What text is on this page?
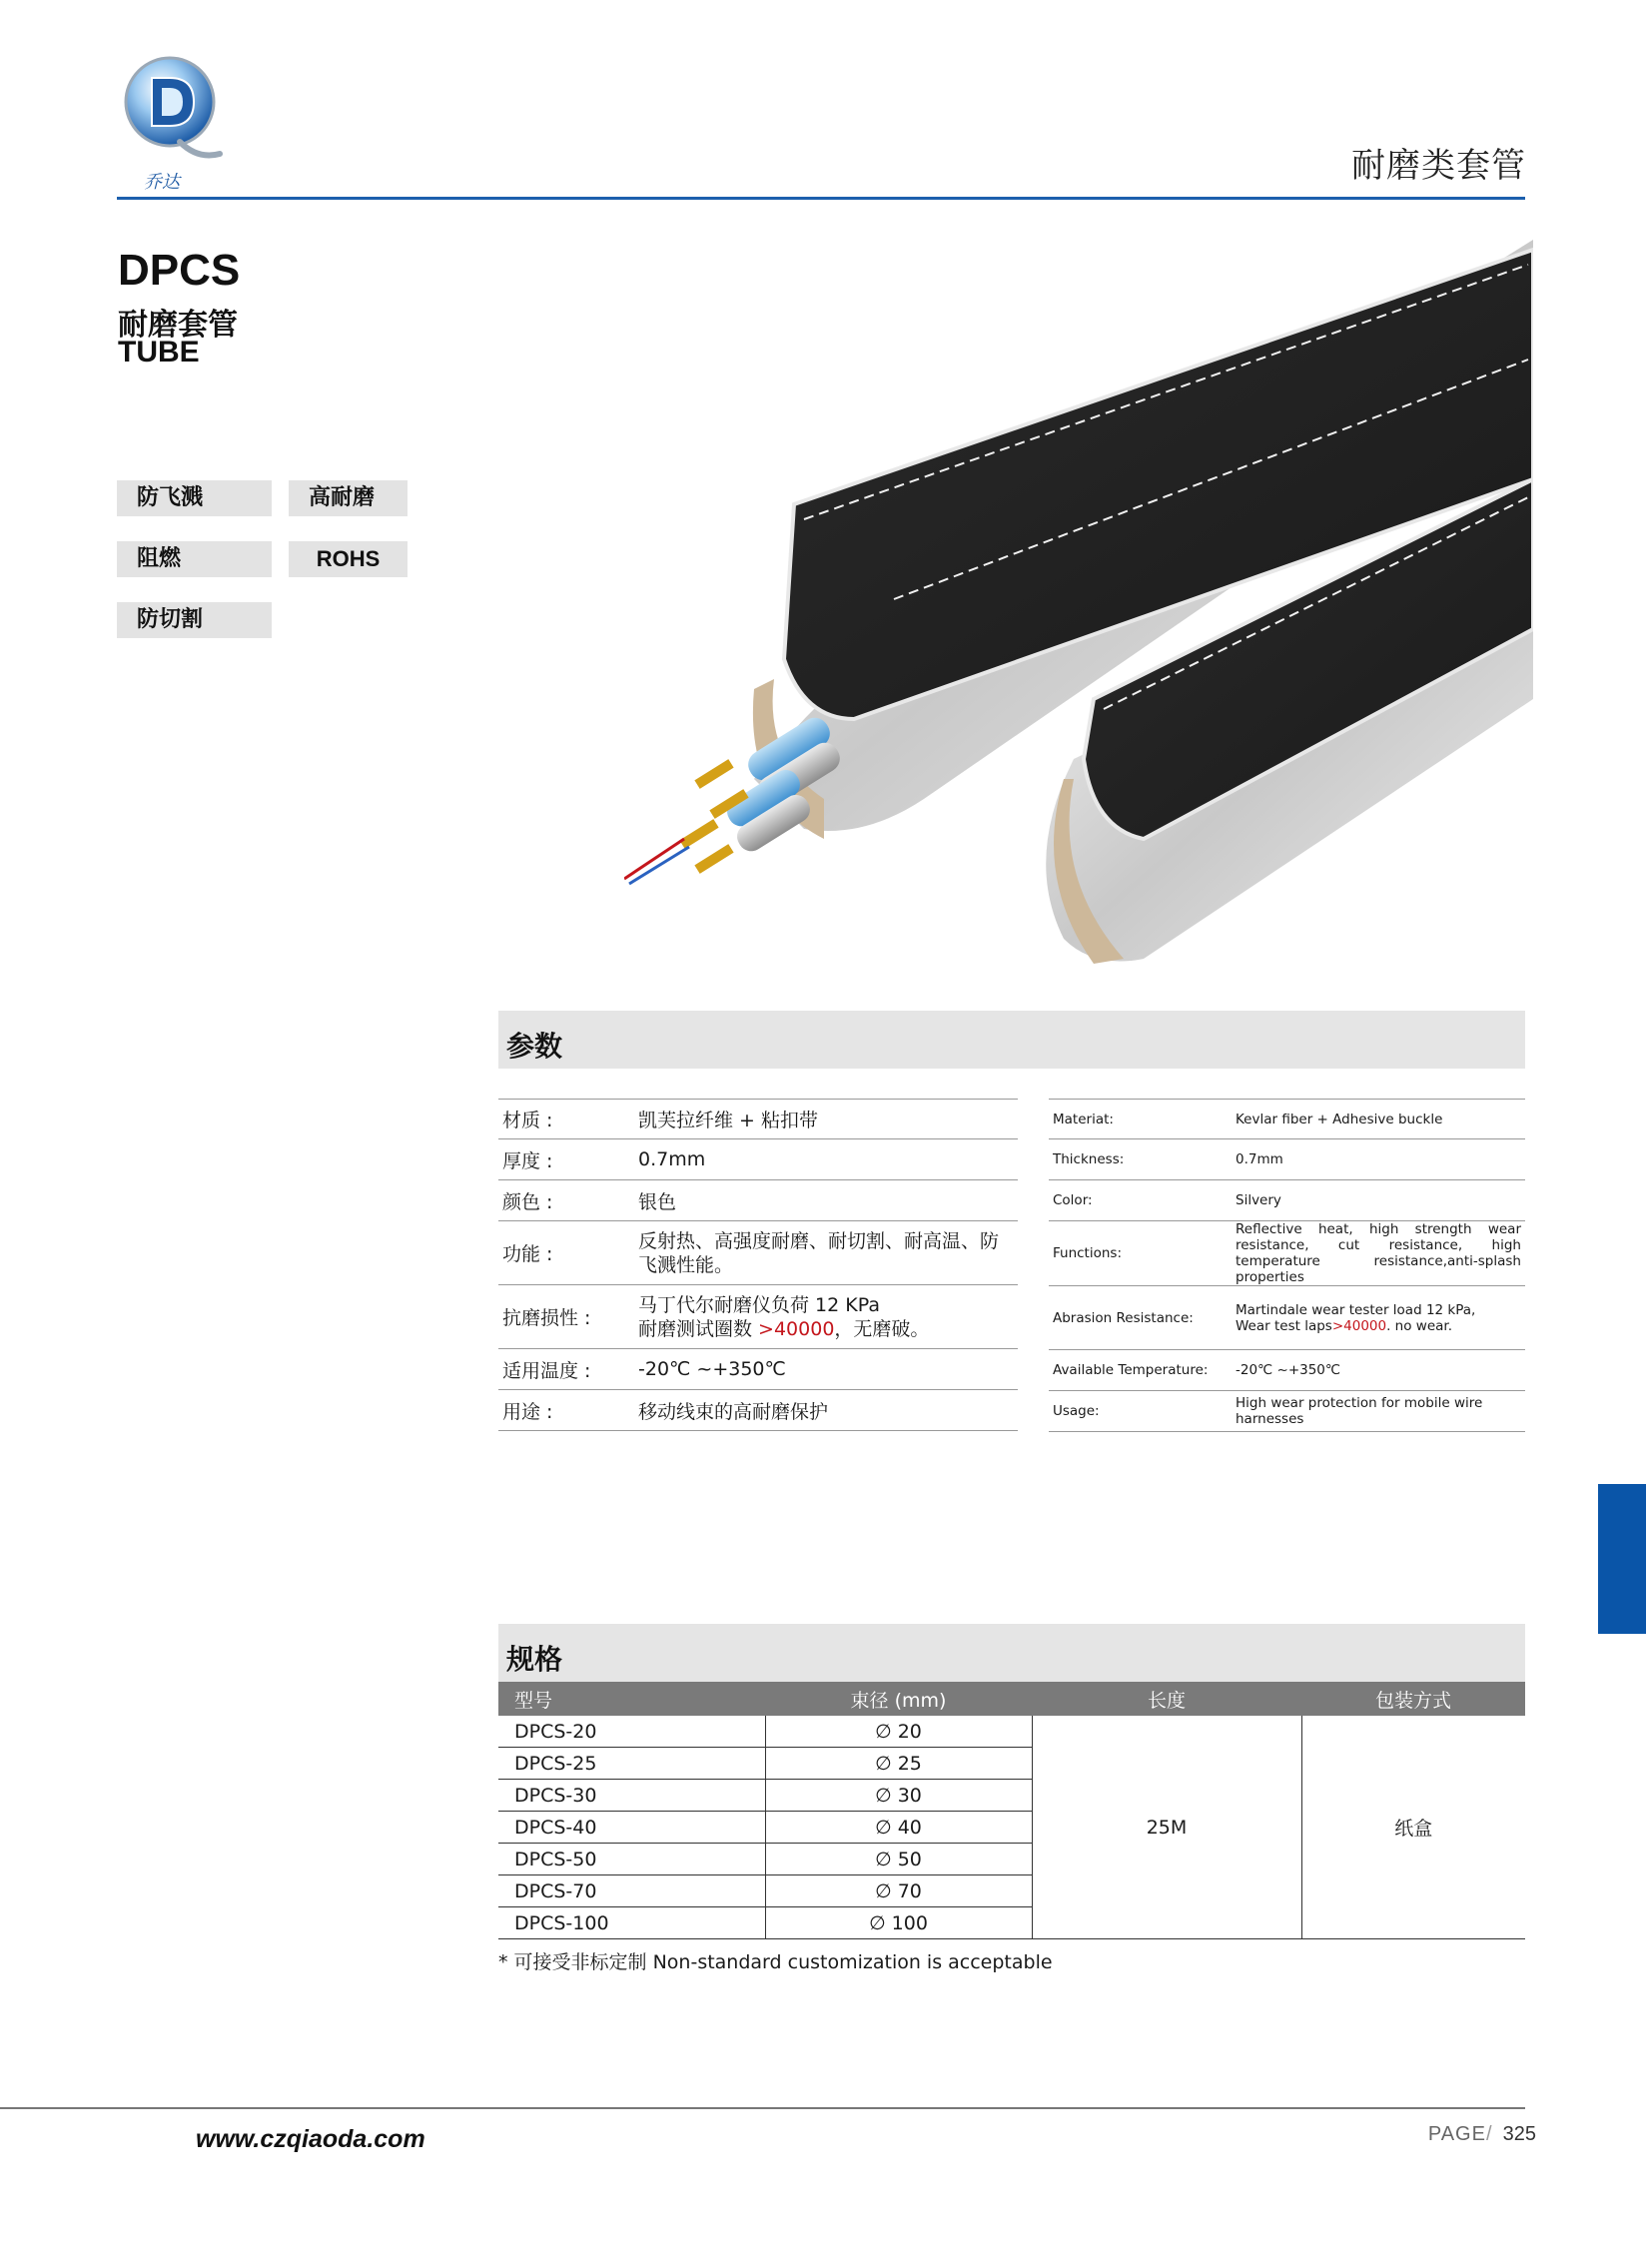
乔达	耐磨类套管
DPCS
耐磨套管
TUBE
防飞溅	高耐磨
阻燃	ROHS
防切割
参数
材质 :	凯芙拉纤维 + 粘扣带
厚度 :	0.7mm
颜色 :	银色
功能 :	反射热、高强度耐磨、耐切割、耐高温、防飞溅性能。
抗磨损性 :	马丁代尔耐磨仪负荷 12 KPa
耐磨测试圈数 >40000，无磨破。

适用温度 :	-20℃ ~+350℃
用途 :	移动线束的高耐磨保护
Materiat:	Kevlar fiber + Adhesive buckle
Thickness:	0.7mm
Color:	Silvery
Functions:	Reflective heat, high strength wear resistance, cut resistance, high temperature resistance,anti-splash properties
Abrasion Resistance:	Martindale wear tester load 12 kPa,
Wear test laps>40000. no wear.

Available Temperature:	-20℃ ~+350℃
Usage:	High wear protection for mobile wire harnesses
规格
型号	束径 (mm)	长度	包装方式
DPCS-20	∅ 20	25M	纸盒
DPCS-25	∅ 25		
DPCS-30	∅ 30		
DPCS-40	∅ 40		
DPCS-50	∅ 50		
DPCS-70	∅ 70		
DPCS-100	∅ 100		
* 可接受非标定制 Non-standard customization is acceptable
www.czqiaoda.com	PAGE/ 325
